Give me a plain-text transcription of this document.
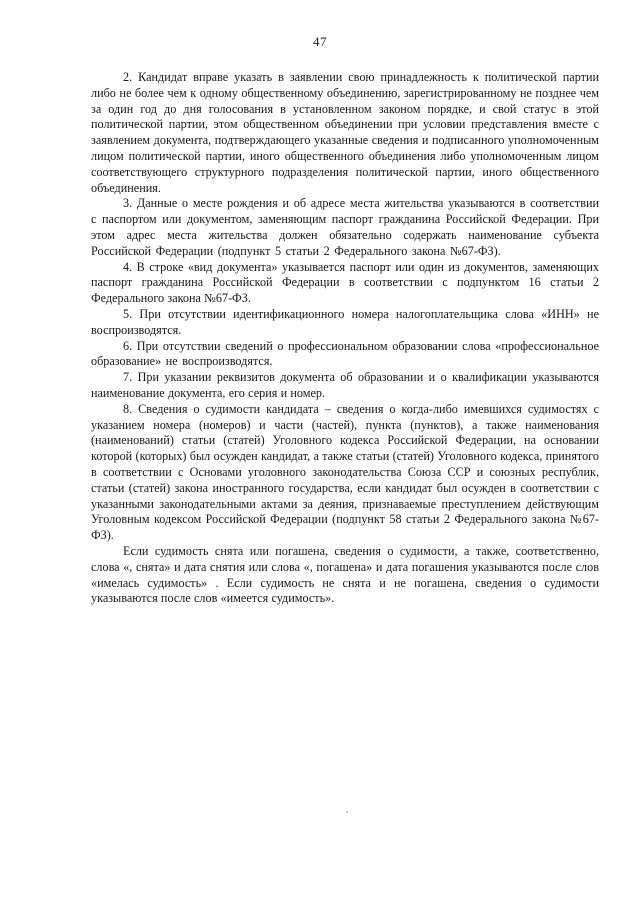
47

2. Кандидат вправе указать в заявлении свою принадлежность к политической партии либо не более чем к одному общественному объединению, зарегистрированному не позднее чем за один год до дня голосования в установленном законом порядке, и свой статус в этой политической партии, этом общественном объединении при условии представления вместе с заявлением документа, подтверждающего указанные сведения и подписанного уполномоченным лицом политической партии, иного общественного объединения либо уполномоченным лицом соответствующего структурного подразделения политической партии, иного общественного объединения.

3. Данные о месте рождения и об адресе места жительства указываются в соответствии с паспортом или документом, заменяющим паспорт гражданина Российской Федерации. При этом адрес места жительства должен обязательно содержать наименование субъекта Российской Федерации (подпункт 5 статьи 2 Федерального закона №67-ФЗ).

4. В строке «вид документа» указывается паспорт или один из документов, заменяющих паспорт гражданина Российской Федерации в соответствии с подпунктом 16 статьи 2 Федерального закона №67-ФЗ.

5. При отсутствии идентификационного номера налогоплательщика слова «ИНН» не воспроизводятся.

6. При отсутствии сведений о профессиональном образовании слова «профессиональное образование» не воспроизводятся.

7. При указании реквизитов документа об образовании и о квалификации указываются наименование документа, его серия и номер.

8. Сведения о судимости кандидата – сведения о когда-либо имевшихся судимостях с указанием номера (номеров) и части (частей), пункта (пунктов), а также наименования (наименований) статьи (статей) Уголовного кодекса Российской Федерации, на основании которой (которых) был осужден кандидат, а также статьи (статей) Уголовного кодекса, принятого в соответствии с Основами уголовного законодательства Союза ССР и союзных республик, статьи (статей) закона иностранного государства, если кандидат был осужден в соответствии с указанными законодательными актами за деяния, признаваемые преступлением действующим Уголовным кодексом Российской Федерации (подпункт 58 статьи 2 Федерального закона №67-ФЗ).

Если судимость снята или погашена, сведения о судимости, а также, соответственно, слова «, снята» и дата снятия или слова «, погашена» и дата погашения указываются после слов «имелась судимость» . Если судимость не снята и не погашена, сведения о судимости указываются после слов «имеется судимость».
